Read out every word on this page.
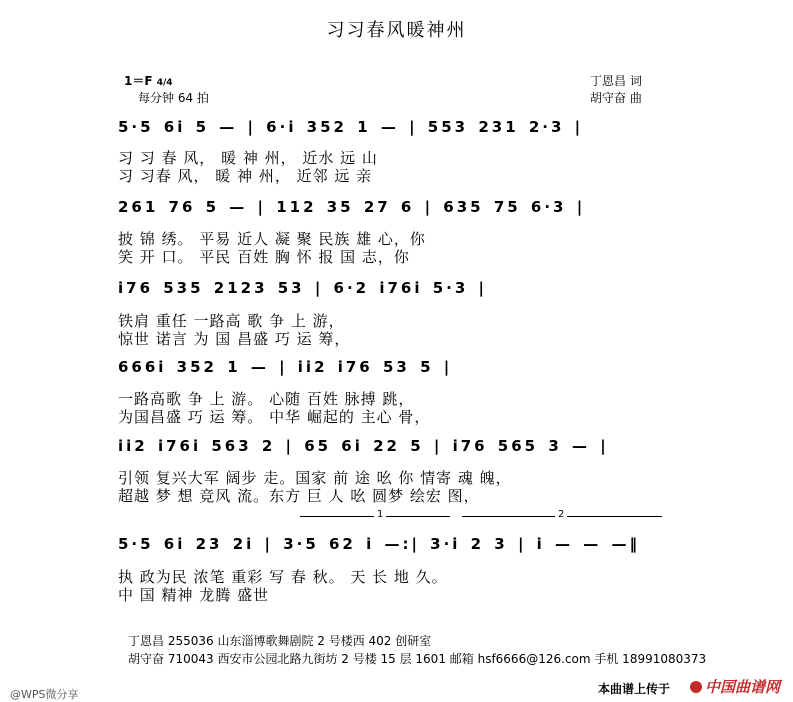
习习春风暖神州
1＝F 4/4
每分钟 64 拍
丁恩昌 词
胡守奋 曲
5·5 6i 5 — | 6·i 352 1 — | 553 231 2·3 |
习 习 春 风， 暖 神 州， 近水 远 山
习 习春 风， 暖 神 州， 近邻 远 亲
261 76 5 — | 112 35 27 6 | 635 75 6·3 |
披 锦 绣。 平易 近人 凝 聚 民族 雄 心，你
笑 开 口。 平民 百姓 胸 怀 报 国 志，你
i76 535 2123 53 | 6·2 i76i 5·3 |
铁肩 重任 一路高 歌 争 上 游，
惊世 诺言 为 国 昌盛 巧 运 筹，
666i 352 1 — | ii2 i76 53 5 |
一路高歌 争 上 游。 心随 百姓 脉搏 跳，
为国昌盛 巧 运 筹。 中华 崛起的 主心 骨，
ii2 i76i 563 2 | 65 6i 22 5 | i76 565 3 — |
引领 复兴大军 阔步 走。国家 前 途 吆 你 情寄 魂 魄，
超越 梦 想 竞风 流。东方 巨 人 吆 圆梦 绘宏 图，
1	2
5·5 6i 23 2i | 3·5 62 i —:| 3·i 2 3 | i — — —‖
执 政为民 浓笔 重彩 写 春 秋。 天 长 地 久。
中 国 精神 龙腾 盛世
丁恩昌 255036 山东淄博歌舞剧院 2 号楼西 402 创研室
胡守奋 710043 西安市公园北路九街坊 2 号楼 15 层 1601 邮箱 hsf6666@126.com 手机 18991080373
@WPS微分享	本曲谱上传于	中国曲谱网
